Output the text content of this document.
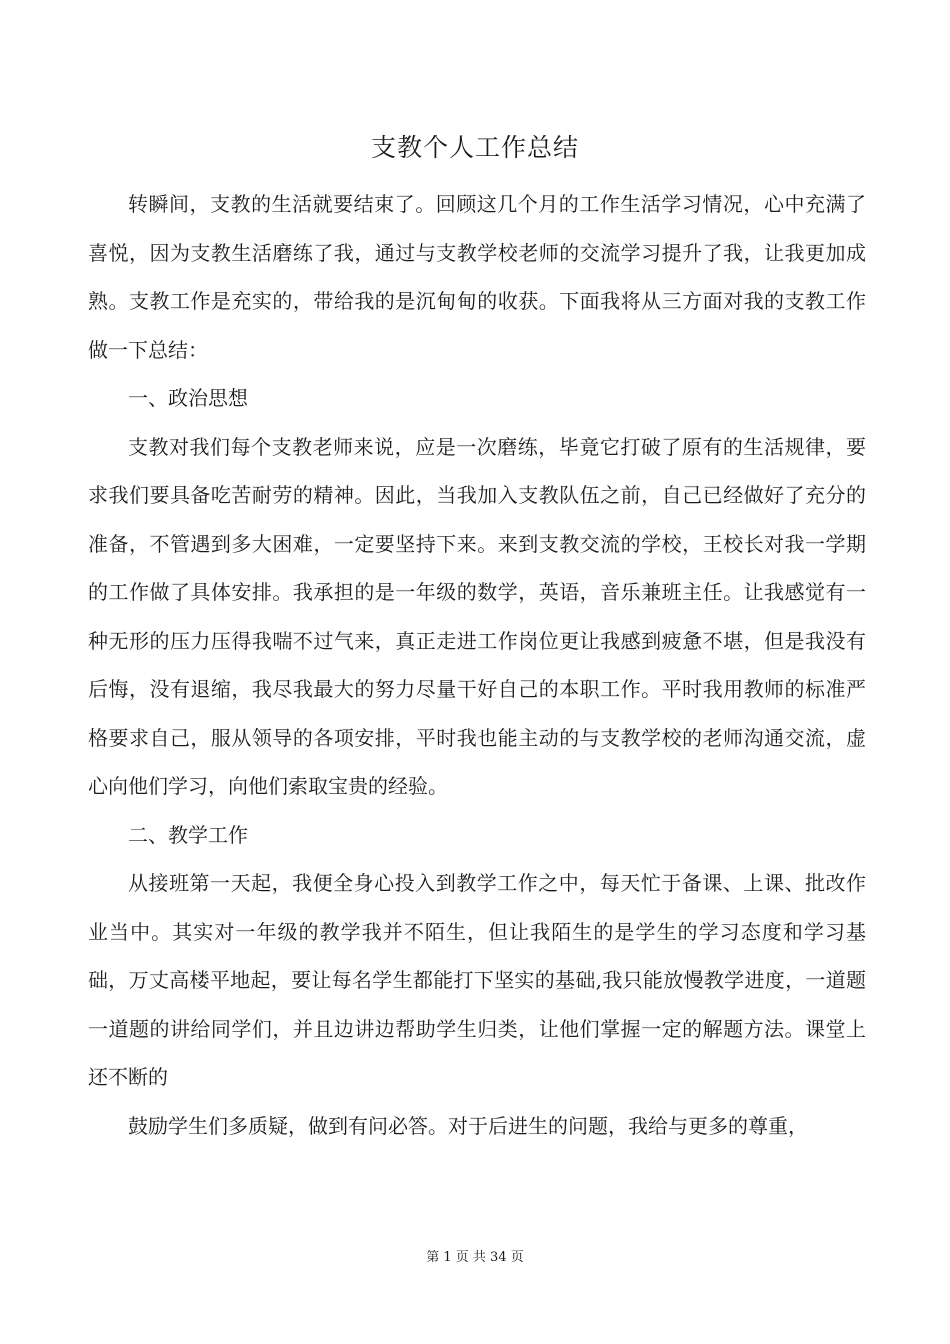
支教个人工作总结

转瞬间，支教的生活就要结束了。回顾这几个月的工作生活学习情况，心中充满了喜悦，因为支教生活磨练了我，通过与支教学校老师的交流学习提升了我，让我更加成熟。支教工作是充实的，带给我的是沉甸甸的收获。下面我将从三方面对我的支教工作做一下总结：

一、政治思想

支教对我们每个支教老师来说，应是一次磨练，毕竟它打破了原有的生活规律，要求我们要具备吃苦耐劳的精神。因此，当我加入支教队伍之前，自己已经做好了充分的准备，不管遇到多大困难，一定要坚持下来。来到支教交流的学校，王校长对我一学期的工作做了具体安排。我承担的是一年级的数学，英语，音乐兼班主任。让我感觉有一种无形的压力压得我喘不过气来，真正走进工作岗位更让我感到疲惫不堪，但是我没有后悔，没有退缩，我尽我最大的努力尽量干好自己的本职工作。平时我用教师的标准严格要求自己，服从领导的各项安排，平时我也能主动的与支教学校的老师沟通交流，虚心向他们学习，向他们索取宝贵的经验。

二、教学工作

从接班第一天起，我便全身心投入到教学工作之中，每天忙于备课、上课、批改作业当中。其实对一年级的教学我并不陌生，但让我陌生的是学生的学习态度和学习基础，万丈高楼平地起，要让每名学生都能打下坚实的基础,我只能放慢教学进度，一道题一道题的讲给同学们，并且边讲边帮助学生归类，让他们掌握一定的解题方法。课堂上还不断的

鼓励学生们多质疑，做到有问必答。对于后进生的问题，我给与更多的尊重，

第 1 页 共 34 页
